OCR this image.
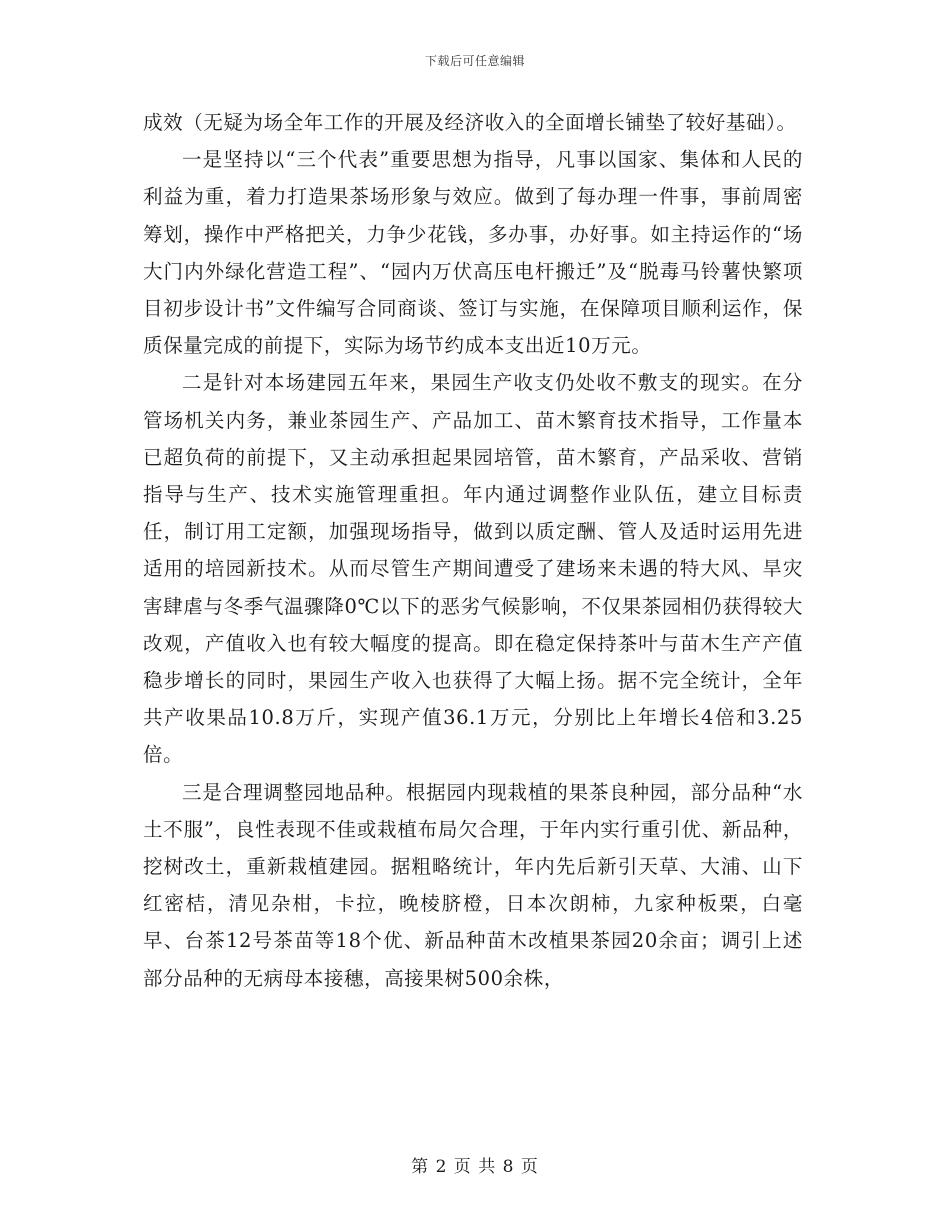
下载后可任意编辑

成效（无疑为场全年工作的开展及经济收入的全面增长铺垫了较好基础）。

一是坚持以“三个代表”重要思想为指导，凡事以国家、集体和人民的利益为重，着力打造果茶场形象与效应。做到了每办理一件事，事前周密筹划，操作中严格把关，力争少花钱，多办事，办好事。如主持运作的“场大门内外绿化营造工程”、“园内万伏高压电杆搬迁”及“脱毒马铃薯快繁项目初步设计书”文件编写合同商谈、签订与实施，在保障项目顺利运作，保质保量完成的前提下，实际为场节约成本支出近10万元。

二是针对本场建园五年来，果园生产收支仍处收不敷支的现实。在分管场机关内务，兼业茶园生产、产品加工、苗木繁育技术指导，工作量本已超负荷的前提下，又主动承担起果园培管，苗木繁育，产品采收、营销指导与生产、技术实施管理重担。年内通过调整作业队伍，建立目标责任，制订用工定额，加强现场指导，做到以质定酬、管人及适时运用先进适用的培园新技术。从而尽管生产期间遭受了建场来未遇的特大风、旱灾害肆虐与冬季气温骤降0℃以下的恶劣气候影响，不仅果茶园相仍获得较大改观，产值收入也有较大幅度的提高。即在稳定保持茶叶与苗木生产产值稳步增长的同时，果园生产收入也获得了大幅上扬。据不完全统计，全年共产收果品10.8万斤，实现产值36.1万元，分别比上年增长4倍和3.25倍。

三是合理调整园地品种。根据园内现栽植的果茶良种园，部分品种“水土不服”，良性表现不佳或栽植布局欠合理，于年内实行重引优、新品种，挖树改土，重新栽植建园。据粗略统计，年内先后新引天草、大浦、山下红密桔，清见杂柑，卡拉，晚棱脐橙，日本次朗柿，九家种板栗，白毫早、台茶12号茶苗等18个优、新品种苗木改植果茶园20余亩；调引上述部分品种的无病母本接穗，高接果树500余株，

第 2 页 共 8 页
